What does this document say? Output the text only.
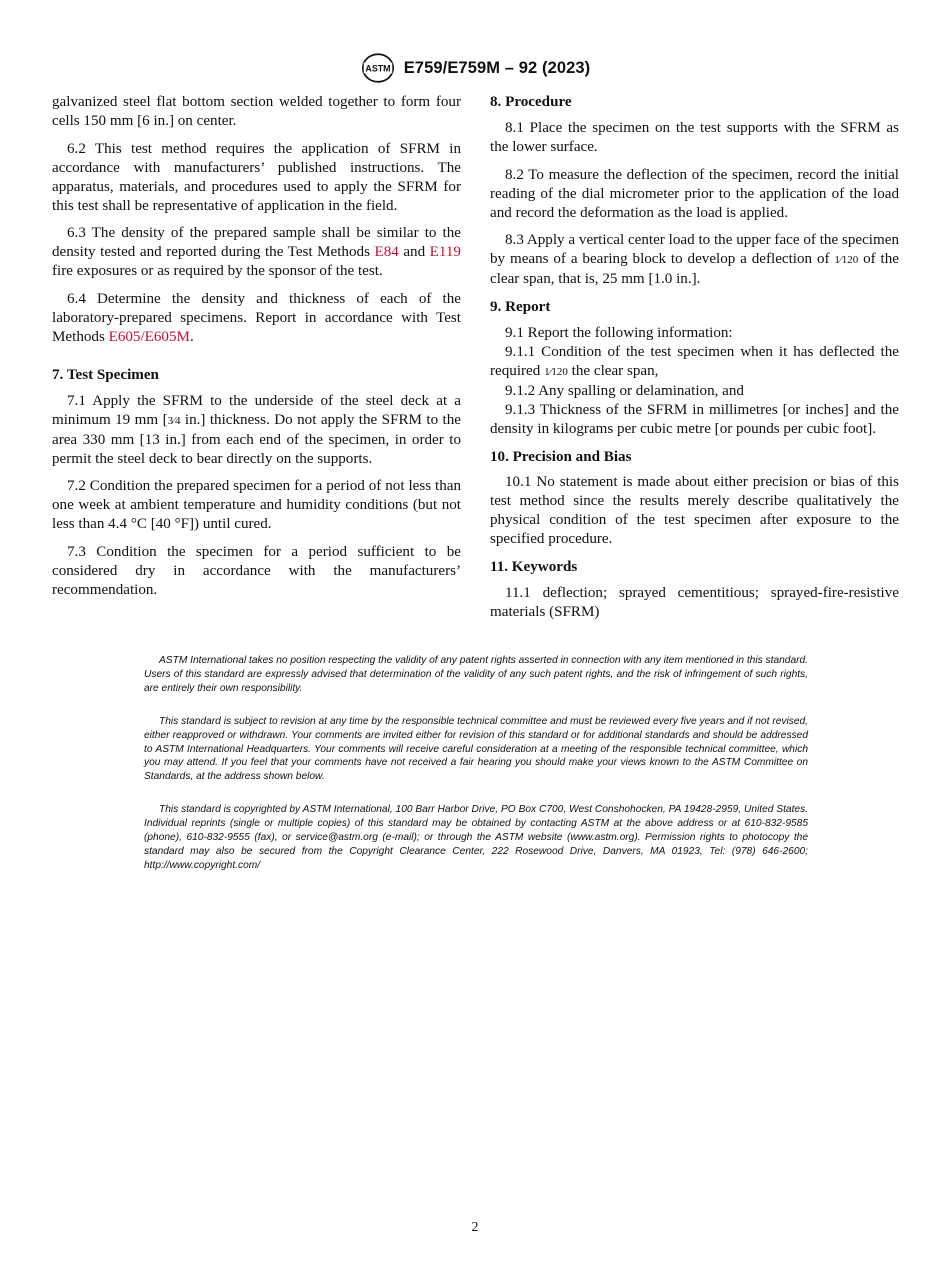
ASTM E759/E759M – 92 (2023)

galvanized steel flat bottom section welded together to form four cells 150 mm [6 in.] on center.

6.2 This test method requires the application of SFRM in accordance with manufacturers’ published instructions. The apparatus, materials, and procedures used to apply the SFRM for this test shall be representative of application in the field.

6.3 The density of the prepared sample shall be similar to the density tested and reported during the Test Methods E84 and E119 fire exposures or as required by the sponsor of the test.

6.4 Determine the density and thickness of each of the laboratory-prepared specimens. Report in accordance with Test Methods E605/E605M.

7. Test Specimen

7.1 Apply the SFRM to the underside of the steel deck at a minimum 19 mm [3⁄4 in.] thickness. Do not apply the SFRM to the area 330 mm [13 in.] from each end of the specimen, in order to permit the steel deck to bear directly on the supports.

7.2 Condition the prepared specimen for a period of not less than one week at ambient temperature and humidity conditions (but not less than 4.4 °C [40 °F]) until cured.

7.3 Condition the specimen for a period sufficient to be considered dry in accordance with the manufacturers’ recommendation.

8. Procedure

8.1 Place the specimen on the test supports with the SFRM as the lower surface.

8.2 To measure the deflection of the specimen, record the initial reading of the dial micrometer prior to the application of the load and record the deformation as the load is applied.

8.3 Apply a vertical center load to the upper face of the specimen by means of a bearing block to develop a deflection of 1⁄120 of the clear span, that is, 25 mm [1.0 in.].

9. Report

9.1 Report the following information:

9.1.1 Condition of the test specimen when it has deflected the required 1⁄120 the clear span,

9.1.2 Any spalling or delamination, and

9.1.3 Thickness of the SFRM in millimetres [or inches] and the density in kilograms per cubic metre [or pounds per cubic foot].

10. Precision and Bias

10.1 No statement is made about either precision or bias of this test method since the results merely describe qualitatively the physical condition of the test specimen after exposure to the specified procedure.

11. Keywords

11.1 deflection; sprayed cementitious; sprayed-fire-resistive materials (SFRM)

ASTM International takes no position respecting the validity of any patent rights asserted in connection with any item mentioned in this standard. Users of this standard are expressly advised that determination of the validity of any such patent rights, and the risk of infringement of such rights, are entirely their own responsibility.

This standard is subject to revision at any time by the responsible technical committee and must be reviewed every five years and if not revised, either reapproved or withdrawn. Your comments are invited either for revision of this standard or for additional standards and should be addressed to ASTM International Headquarters. Your comments will receive careful consideration at a meeting of the responsible technical committee, which you may attend. If you feel that your comments have not received a fair hearing you should make your views known to the ASTM Committee on Standards, at the address shown below.

This standard is copyrighted by ASTM International, 100 Barr Harbor Drive, PO Box C700, West Conshohocken, PA 19428-2959, United States. Individual reprints (single or multiple copies) of this standard may be obtained by contacting ASTM at the above address or at 610-832-9585 (phone), 610-832-9555 (fax), or service@astm.org (e-mail); or through the ASTM website (www.astm.org). Permission rights to photocopy the standard may also be secured from the Copyright Clearance Center, 222 Rosewood Drive, Danvers, MA 01923, Tel: (978) 646-2600; http://www.copyright.com/

2
